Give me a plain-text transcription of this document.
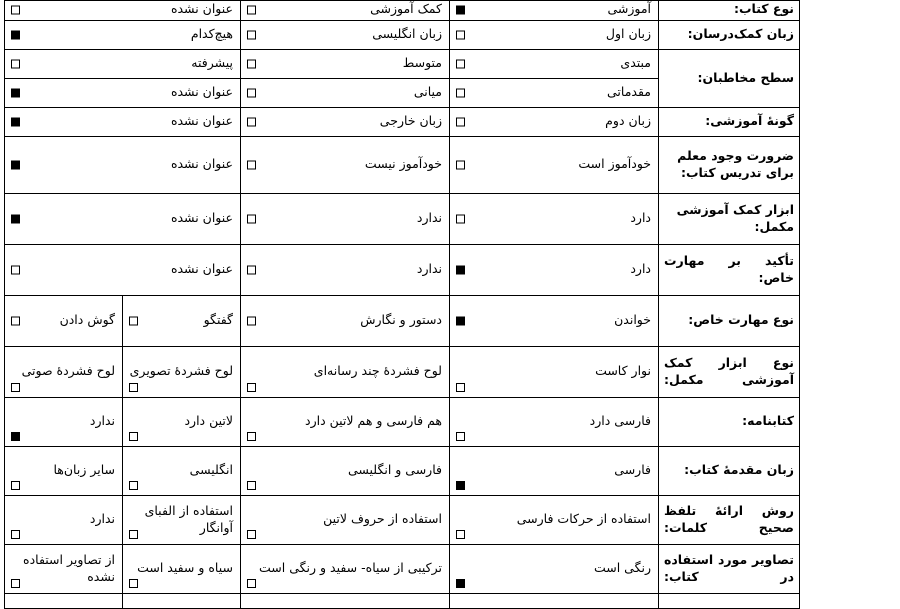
نوع کتاب:	آموزشی	کمک آموزشی	عنوان نشده	

زبان کمک‌درسان:	زبان اول	زبان انگلیسی	هیچ‌کدام	

سطح مخاطبان:	مبتدی	متوسط	پیشرفته	

	مقدماتی	میانی	عنوان نشده	

گونۀ آموزشی:	زبان دوم	زبان خارجی	عنوان نشده	

ضرورت وجود معلم برای تدریس کتاب:	خودآموز است	خودآموز نیست	عنوان نشده	

ابزار کمک آموزشی مکمل:	دارد	ندارد	عنوان نشده	

تأکید بر مهارت خاص:	دارد	ندارد	عنوان نشده	

نوع مهارت خاص:	خواندن	دستور و نگارش	گفتگو	گوش دادن

نوع ابزار کمک آموزشی مکمل:	نوار کاست	لوح فشردۀ چند رسانه‌ای	لوح فشردۀ تصویری	لوح فشردۀ صوتی

کتابنامه:	فارسی دارد	هم فارسی و هم لاتین دارد	لاتین دارد	ندارد

زبان مقدمهٔ کتاب:	فارسی	فارسی و انگلیسی	انگلیسی	سایر زبان‌ها

روش ارائۀ تلفظ صحیح کلمات:	استفاده از حرکات فارسی	استفاده از حروف لاتین	استفاده از الفبای آوانگار	ندارد

تصاویر مورد استفاده در کتاب:	رنگی است	ترکیبی از سیاه- سفید و رنگی است	سیاه و سفید است	از تصاویر استفاده نشده
